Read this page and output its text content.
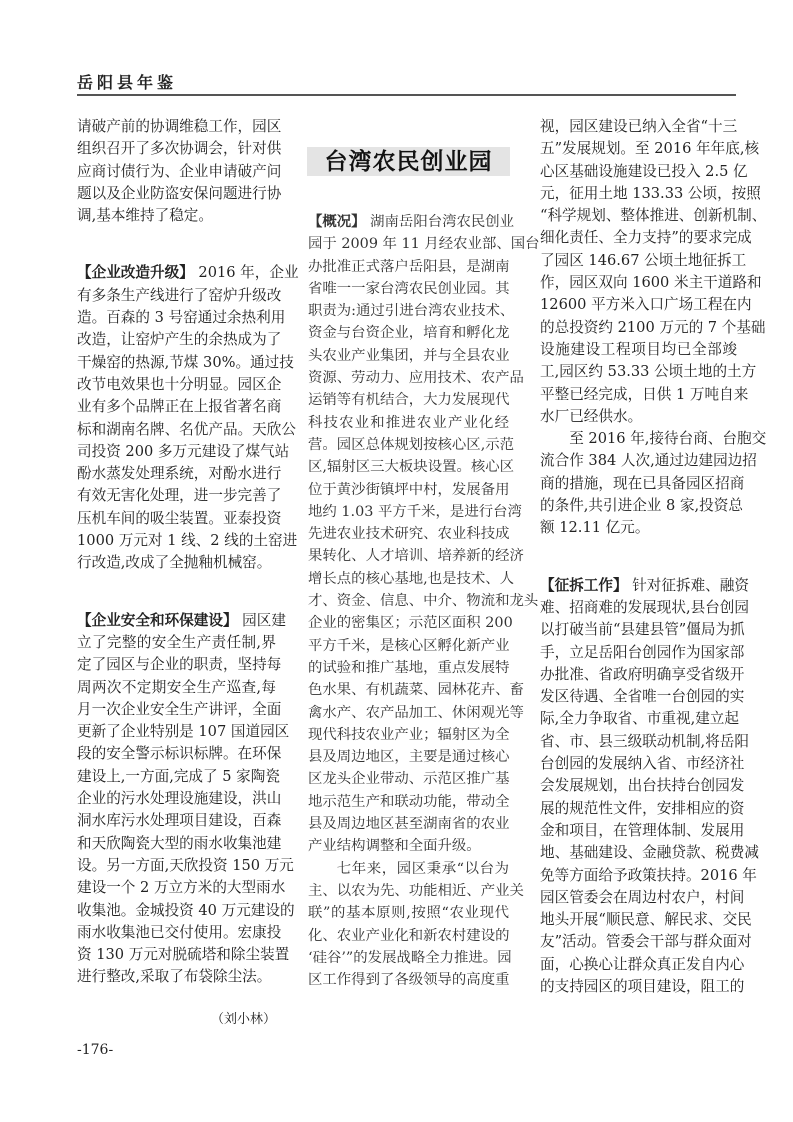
岳阳县年鉴
台湾农民创业园
请破产前的协调维稳工作，园区
组织召开了多次协调会，针对供
应商讨债行为、企业申请破产问
题以及企业防盗安保问题进行协
调,基本维持了稳定。
【企业改造升级】 2016 年，企业
有多条生产线进行了窑炉升级改
造。百森的 3 号窑通过余热利用
改造，让窑炉产生的余热成为了
干燥窑的热源,节煤 30%。通过技
改节电效果也十分明显。园区企
业有多个品牌正在上报省著名商
标和湖南名牌、名优产品。天欣公
司投资 200 多万元建设了煤气站
酚水蒸发处理系统，对酚水进行
有效无害化处理，进一步完善了
压机车间的吸尘装置。亚泰投资
1000 万元对 1 线、2 线的土窑进
行改造,改成了全抛釉机械窑。
【企业安全和环保建设】 园区建
立了完整的安全生产责任制,界
定了园区与企业的职责，坚持每
周两次不定期安全生产巡查,每
月一次企业安全生产讲评，全面
更新了企业特别是 107 国道园区
段的安全警示标识标牌。在环保
建设上,一方面,完成了 5 家陶瓷
企业的污水处理设施建设，洪山
洞水库污水处理项目建设，百森
和天欣陶瓷大型的雨水收集池建
设。另一方面,天欣投资 150 万元
建设一个 2 万立方米的大型雨水
收集池。金城投资 40 万元建设的
雨水收集池已交付使用。宏康投
资 130 万元对脱硫塔和除尘装置
进行整改,采取了布袋除尘法。
【概况】 湖南岳阳台湾农民创业
园于 2009 年 11 月经农业部、国台
办批准正式落户岳阳县，是湖南
省唯一一家台湾农民创业园。其
职责为:通过引进台湾农业技术、
资金与台资企业，培育和孵化龙
头农业产业集团，并与全县农业
资源、劳动力、应用技术、农产品
运销等有机结合，大力发展现代
科技农业和推进农业产业化经
营。园区总体规划按核心区,示范
区,辐射区三大板块设置。核心区
位于黄沙街镇坪中村，发展备用
地约 1.03 平方千米，是进行台湾
先进农业技术研究、农业科技成
果转化、人才培训、培养新的经济
增长点的核心基地,也是技术、人
才、资金、信息、中介、物流和龙头
企业的密集区；示范区面积 200
平方千米，是核心区孵化新产业
的试验和推广基地，重点发展特
色水果、有机蔬菜、园林花卉、畜
禽水产、农产品加工、休闲观光等
现代科技农业产业；辐射区为全
县及周边地区，主要是通过核心
区龙头企业带动、示范区推广基
地示范生产和联动功能，带动全
县及周边地区甚至湖南省的农业
产业结构调整和全面升级。
七年来，园区秉承“以台为
主、以农为先、功能相近、产业关
联”的基本原则,按照“农业现代
化、农业产业化和新农村建设的
‘硅谷’”的发展战略全力推进。园
区工作得到了各级领导的高度重
视，园区建设已纳入全省“十三
五”发展规划。至 2016 年年底,核
心区基础设施建设已投入 2.5 亿
元，征用土地 133.33 公顷，按照
“科学规划、整体推进、创新机制、
细化责任、全力支持”的要求完成
了园区 146.67 公顷土地征拆工
作，园区双向 1600 米主干道路和
12600 平方米入口广场工程在内
的总投资约 2100 万元的 7 个基础
设施建设工程项目均已全部竣
工,园区约 53.33 公顷土地的土方
平整已经完成，日供 1 万吨自来
水厂已经供水。
至 2016 年,接待台商、台胞交
流合作 384 人次,通过边建园边招
商的措施，现在已具备园区招商
的条件,共引进企业 8 家,投资总
额 12.11 亿元。
【征拆工作】 针对征拆难、融资
难、招商难的发展现状,县台创园
以打破当前“县建县管”僵局为抓
手，立足岳阳台创园作为国家部
办批准、省政府明确享受省级开
发区待遇、全省唯一台创园的实
际,全力争取省、市重视,建立起
省、市、县三级联动机制,将岳阳
台创园的发展纳入省、市经济社
会发展规划，出台扶持台创园发
展的规范性文件，安排相应的资
金和项目，在管理体制、发展用
地、基础建设、金融贷款、税费减
免等方面给予政策扶持。2016 年
园区管委会在周边村农户，村间
地头开展“顺民意、解民求、交民
友”活动。管委会干部与群众面对
面，心换心让群众真正发自内心
的支持园区的项目建设，阻工的
（刘小林）
-176-
